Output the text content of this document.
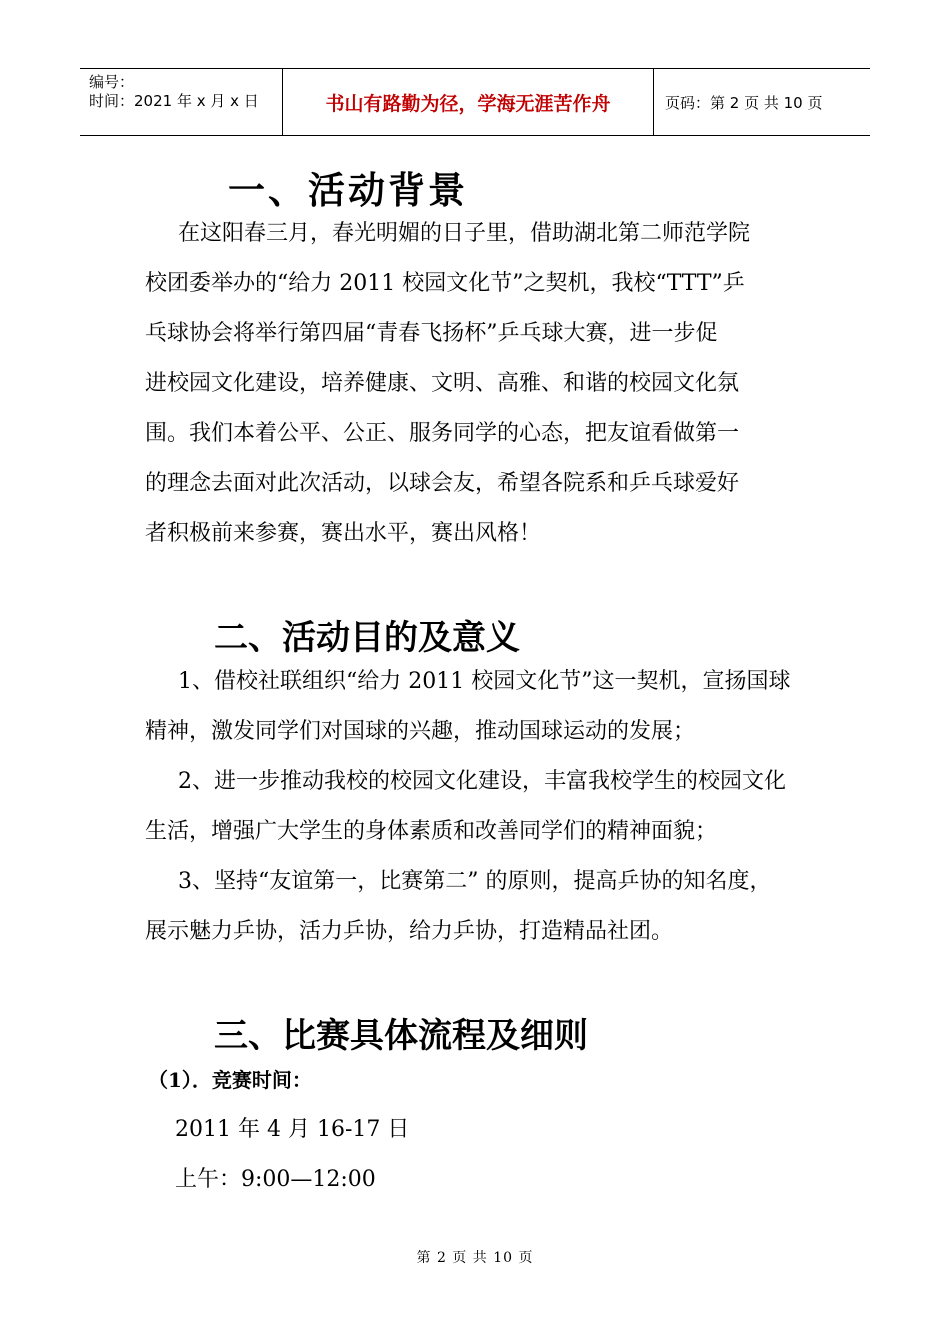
编号：
时间：2021 年 x 月 x 日	书山有路勤为径，学海无涯苦作舟	页码：第 2 页 共 10 页
一、活动背景
在这阳春三月，春光明媚的日子里，借助湖北第二师范学院
校团委举办的“给力 2011 校园文化节”之契机，我校“TTT”乒
乓球协会将举行第四届“青春飞扬杯”乒乓球大赛，进一步促
进校园文化建设，培养健康、文明、高雅、和谐的校园文化氛
围。我们本着公平、公正、服务同学的心态，把友谊看做第一
的理念去面对此次活动，以球会友，希望各院系和乒乓球爱好
者积极前来参赛，赛出水平，赛出风格！
二、活动目的及意义
1、借校社联组织“给力 2011 校园文化节”这一契机，宣扬国球
精神，激发同学们对国球的兴趣，推动国球运动的发展；
2、进一步推动我校的校园文化建设，丰富我校学生的校园文化
生活，增强广大学生的身体素质和改善同学们的精神面貌；
3、坚持“友谊第一，比赛第二” 的原则，提高乒协的知名度，
展示魅力乒协，活力乒协，给力乒协，打造精品社团。
三、比赛具体流程及细则
（1）．竞赛时间：
2011 年 4 月 16-17 日
上午：9:00—12:00
第 2 页 共 10 页
